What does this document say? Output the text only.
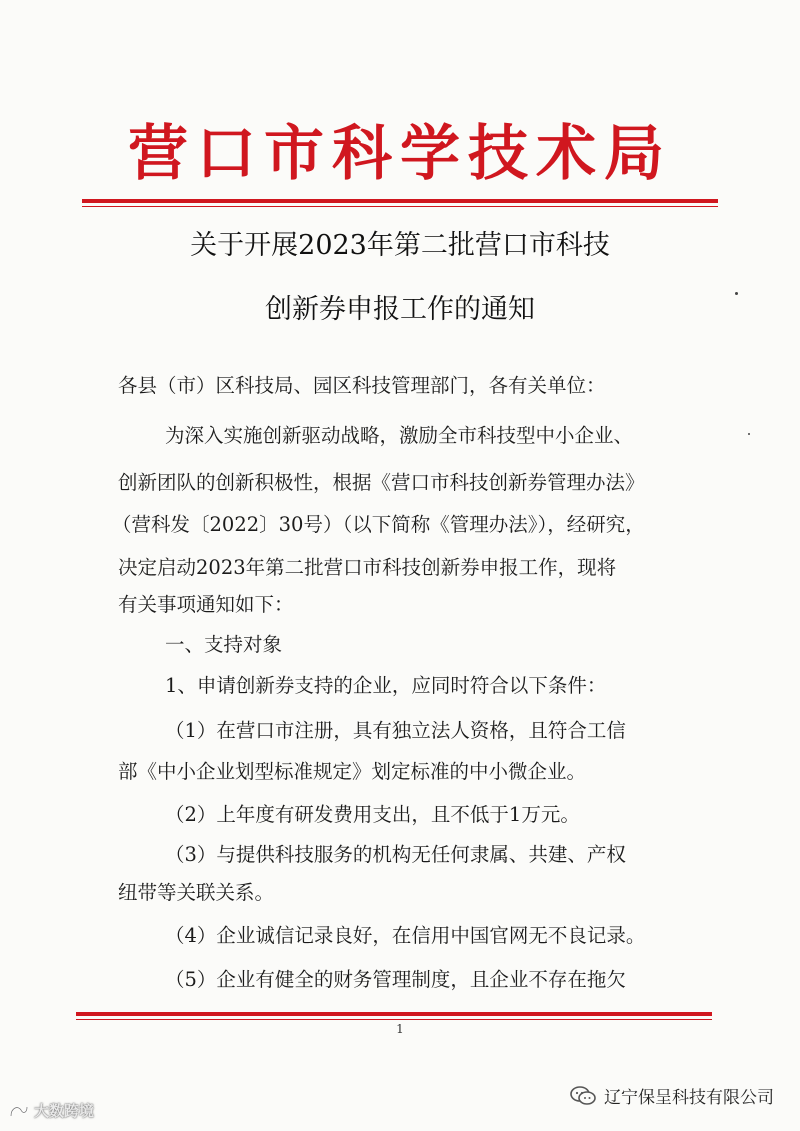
营口市科学技术局
关于开展2023年第二批营口市科技
创新券申报工作的通知
各县（市）区科技局、园区科技管理部门，各有关单位：
为深入实施创新驱动战略，激励全市科技型中小企业、
创新团队的创新积极性，根据《营口市科技创新券管理办法》
（营科发〔2022〕30号）（以下简称《管理办法》），经研究，
决定启动2023年第二批营口市科技创新券申报工作，现将
有关事项通知如下：
一、支持对象
1、申请创新券支持的企业，应同时符合以下条件：
（1）在营口市注册，具有独立法人资格，且符合工信
部《中小企业划型标准规定》划定标准的中小微企业。
（2）上年度有研发费用支出，且不低于1万元。
（3）与提供科技服务的机构无任何隶属、共建、产权
纽带等关联关系。
（4）企业诚信记录良好，在信用中国官网无不良记录。
（5）企业有健全的财务管理制度，且企业不存在拖欠
1
辽宁保呈科技有限公司
大数跨境
